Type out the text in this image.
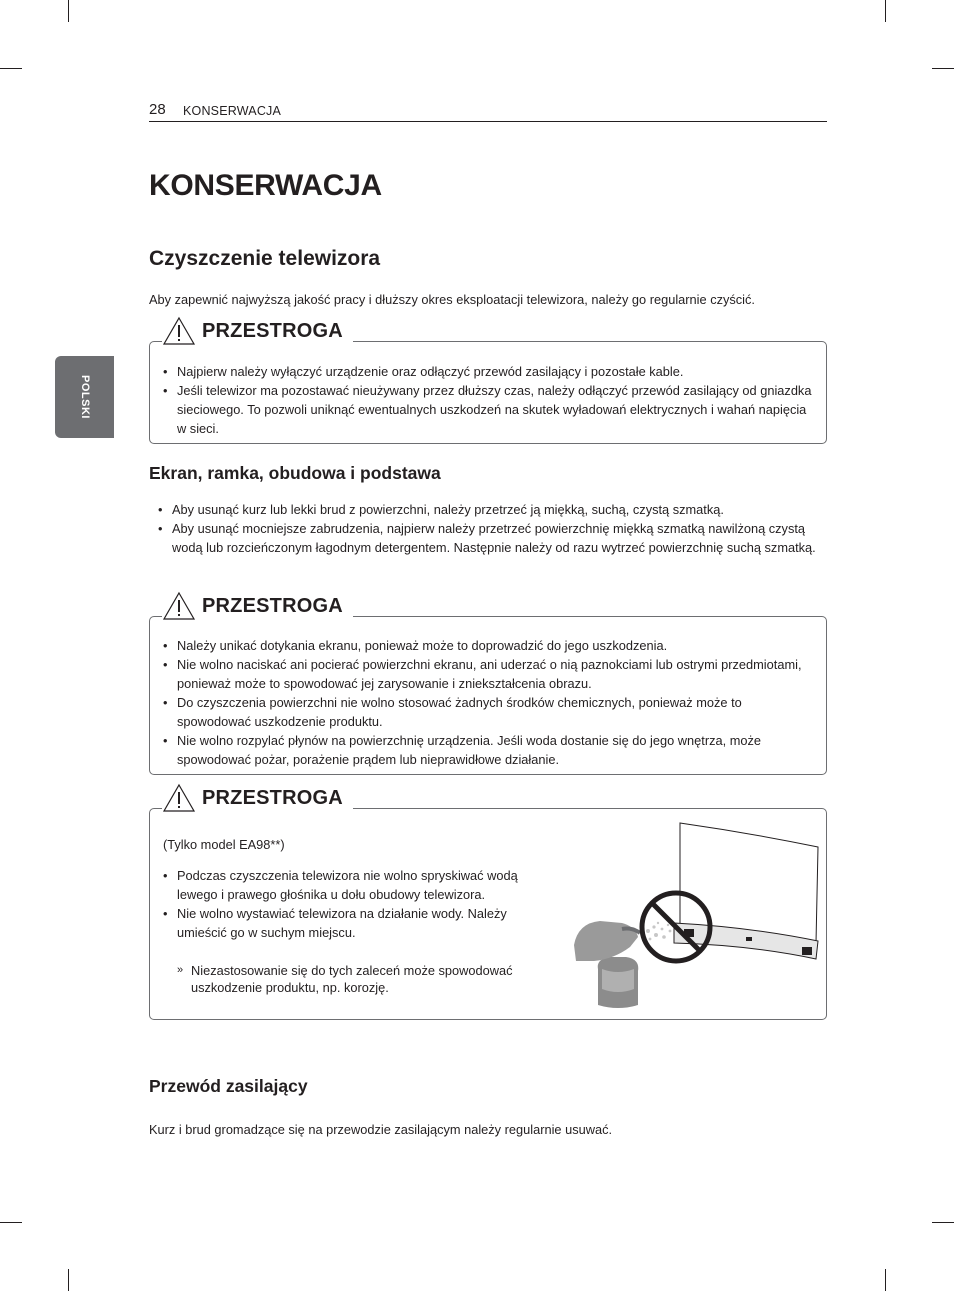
28 KONSERWACJA
POLSKI
KONSERWACJA
Czyszczenie telewizora

Aby zapewnić najwyższą jakość pracy i dłuższy okres eksploatacji telewizora, należy go regularnie czyścić.

PRZESTROGA
• Najpierw należy wyłączyć urządzenie oraz odłączyć przewód zasilający i pozostałe kable.
• Jeśli telewizor ma pozostawać nieużywany przez dłuższy czas, należy odłączyć przewód zasilający od gniazdka sieciowego. To pozwoli uniknąć ewentualnych uszkodzeń na skutek wyładowań elektrycznych i wahań napięcia w sieci.
Ekran, ramka, obudowa i podstawa
• Aby usunąć kurz lub lekki brud z powierzchni, należy przetrzeć ją miękką, suchą, czystą szmatką.
• Aby usunąć mocniejsze zabrudzenia, najpierw należy przetrzeć powierzchnię miękką szmatką nawilżoną czystą wodą lub rozcieńczonym łagodnym detergentem. Następnie należy od razu wytrzeć powierzchnię suchą szmatką.
PRZESTROGA
• Należy unikać dotykania ekranu, ponieważ może to doprowadzić do jego uszkodzenia.
• Nie wolno naciskać ani pocierać powierzchni ekranu, ani uderzać o nią paznokciami lub ostrymi przedmiotami, ponieważ może to spowodować jej zarysowanie i zniekształcenia obrazu.
• Do czyszczenia powierzchni nie wolno stosować żadnych środków chemicznych, ponieważ może to spowodować uszkodzenie produktu.
• Nie wolno rozpylać płynów na powierzchnię urządzenia. Jeśli woda dostanie się do jego wnętrza, może spowodować pożar, porażenie prądem lub nieprawidłowe działanie.
PRZESTROGA
(Tylko model EA98**)
• Podczas czyszczenia telewizora nie wolno spryskiwać wodą lewego i prawego głośnika u dołu obudowy telewizora.
• Nie wolno wystawiać telewizora na działanie wody. Należy umieścić go w suchym miejscu.
» Niezastosowanie się do tych zaleceń może spowodować uszkodzenie produktu, np. korozję.
Przewód zasilający

Kurz i brud gromadzące się na przewodzie zasilającym należy regularnie usuwać.
